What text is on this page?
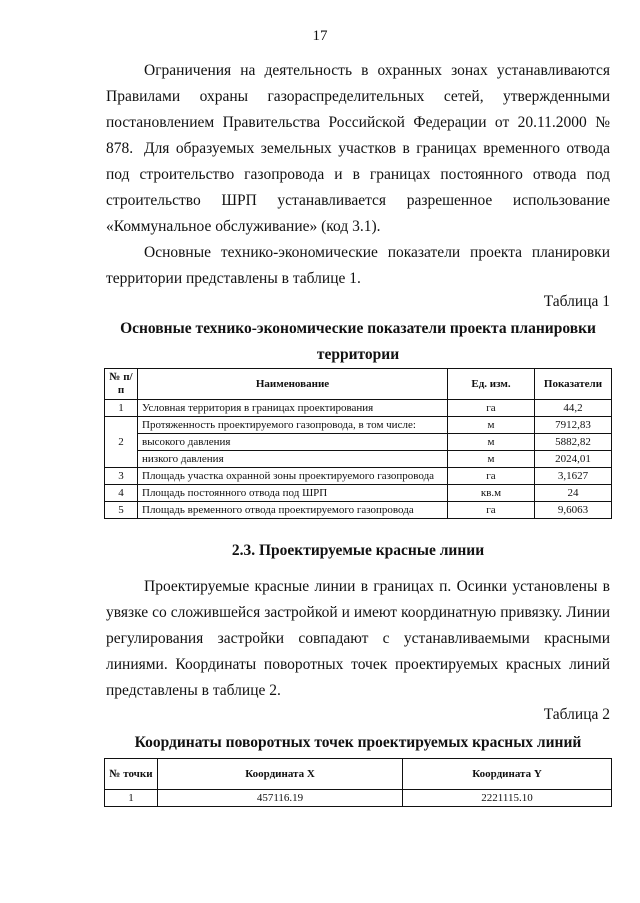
17
Ограничения на деятельность в охранных зонах устанавливаются Правилами охраны газораспределительных сетей, утвержденными постановлением Правительства Российской Федерации от 20.11.2000 № 878. Для образуемых земельных участков в границах временного отвода под строительство газопровода и в границах постоянного отвода под строительство ШРП устанавливается разрешенное использование «Коммунальное обслуживание» (код 3.1).
Основные технико-экономические показатели проекта планировки территории представлены в таблице 1.
Таблица 1
Основные технико-экономические показатели проекта планировки территории
№ п/п	Наименование	Ед. изм.	Показатели
1	Условная территория в границах проектирования	га	44,2
2	Протяженность проектируемого газопровода, в том числе:	м	7912,83
	высокого давления	м	5882,82
	низкого давления	м	2024,01
3	Площадь участка охранной зоны проектируемого газопровода	га	3,1627
4	Площадь постоянного отвода под ШРП	кв.м	24
5	Площадь временного отвода проектируемого газопровода	га	9,6063
2.3. Проектируемые красные линии
Проектируемые красные линии в границах п. Осинки установлены в увязке со сложившейся застройкой и имеют координатную привязку. Линии регулирования застройки совпадают с устанавливаемыми красными линиями. Координаты поворотных точек проектируемых красных линий представлены в таблице 2.
Таблица 2
Координаты поворотных точек проектируемых красных линий
№ точки	Координата X	Координата Y
1	457116.19	2221115.10
